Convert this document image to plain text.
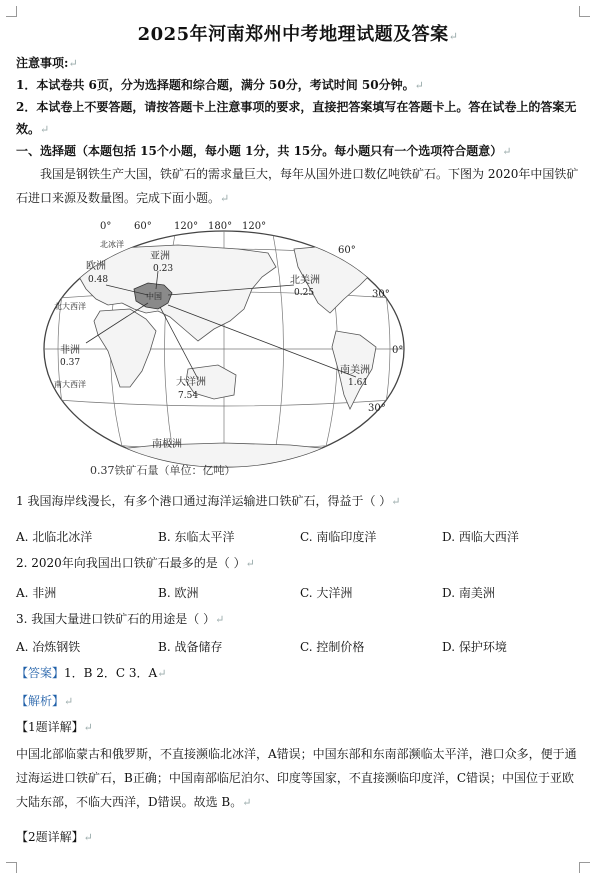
2025年河南郑州中考地理试题及答案↵
注意事项:↵
1．本试卷共 6页，分为选择题和综合题，满分 50分，考试时间 50分钟。↵
2．本试卷上不要答题，请按答题卡上注意事项的要求，直接把答案填写在答题卡上。答在试卷上的答案无
效。↵
一、选择题（本题包括 15个小题，每小题 1分，共 15分。每小题只有一个选项符合题意）↵
我国是钢铁生产大国，铁矿石的需求量巨大，每年从国外进口数亿吨铁矿石。下图为 2020年中国铁矿石进口来源及数量图。完成下面小题。↵
0° 60° 120° 180° 120°
60°
30°
0°
30°
欧洲
0.48
亚洲
0.23
中国
北美洲
0.25
非洲
0.37
大洋洲
7.54
南美洲
1.61
南极洲
北冰洋
北大西洋
南大西洋
0.37铁矿石量（单位：亿吨）
1 我国海岸线漫长，有多个港口通过海洋运输进口铁矿石，得益于（ ）↵
A. 北临北冰洋	B. 东临太平洋	C. 南临印度洋	D. 西临大西洋
2. 2020年向我国出口铁矿石最多的是（ ）↵
A. 非洲	B. 欧洲	C. 大洋洲	D. 南美洲
3. 我国大量进口铁矿石的用途是（ ）↵
A. 冶炼钢铁	B. 战备储存	C. 控制价格	D. 保护环境
【答案】1．B 2．C 3．A↵
【解析】↵
【1题详解】↵
中国北部临蒙古和俄罗斯，不直接濒临北冰洋，A错误；中国东部和东南部濒临太平洋，港口众多，便于通过海运进口铁矿石，B正确；中国南部临尼泊尔、印度等国家，不直接濒临印度洋，C错误；中国位于亚欧大陆东部，不临大西洋，D错误。故选 B。↵
【2题详解】↵
